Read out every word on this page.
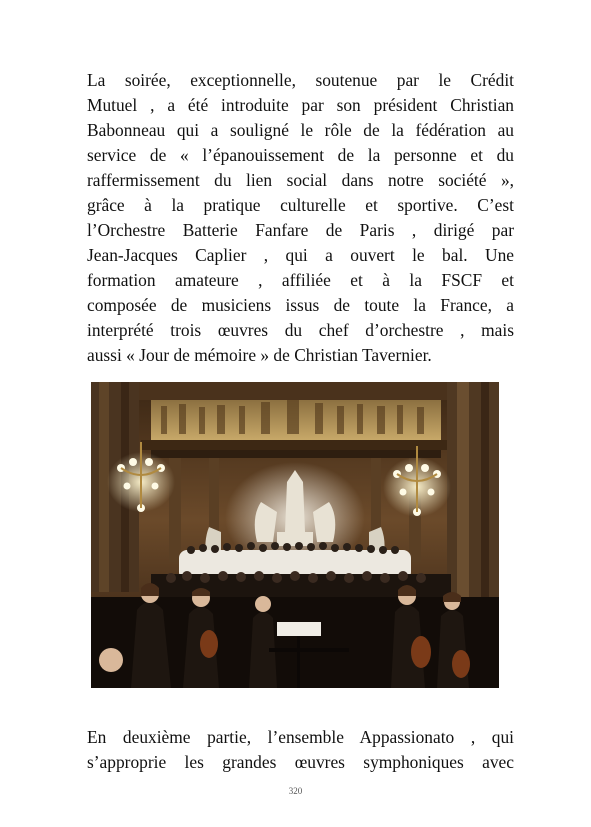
La soirée, exceptionnelle, soutenue par le Crédit
Mutuel , a été introduite par son président Christian
Babonneau qui a souligné le rôle de la fédération au
service de « l’épanouissement de la personne et du
raffermissement du lien social dans notre société »,
grâce à la pratique culturelle et sportive. C’est
l’Orchestre Batterie Fanfare de Paris , dirigé par
Jean-Jacques Caplier , qui a ouvert le bal. Une
formation amateure , affiliée et à la FSCF et
composée de musiciens issus de toute la France, a
interprété trois œuvres du chef d’orchestre , mais
aussi « Jour de mémoire » de Christian Tavernier.
En deuxième partie, l’ensemble Appassionato , qui
s’approprie les grandes œuvres symphoniques avec
320
